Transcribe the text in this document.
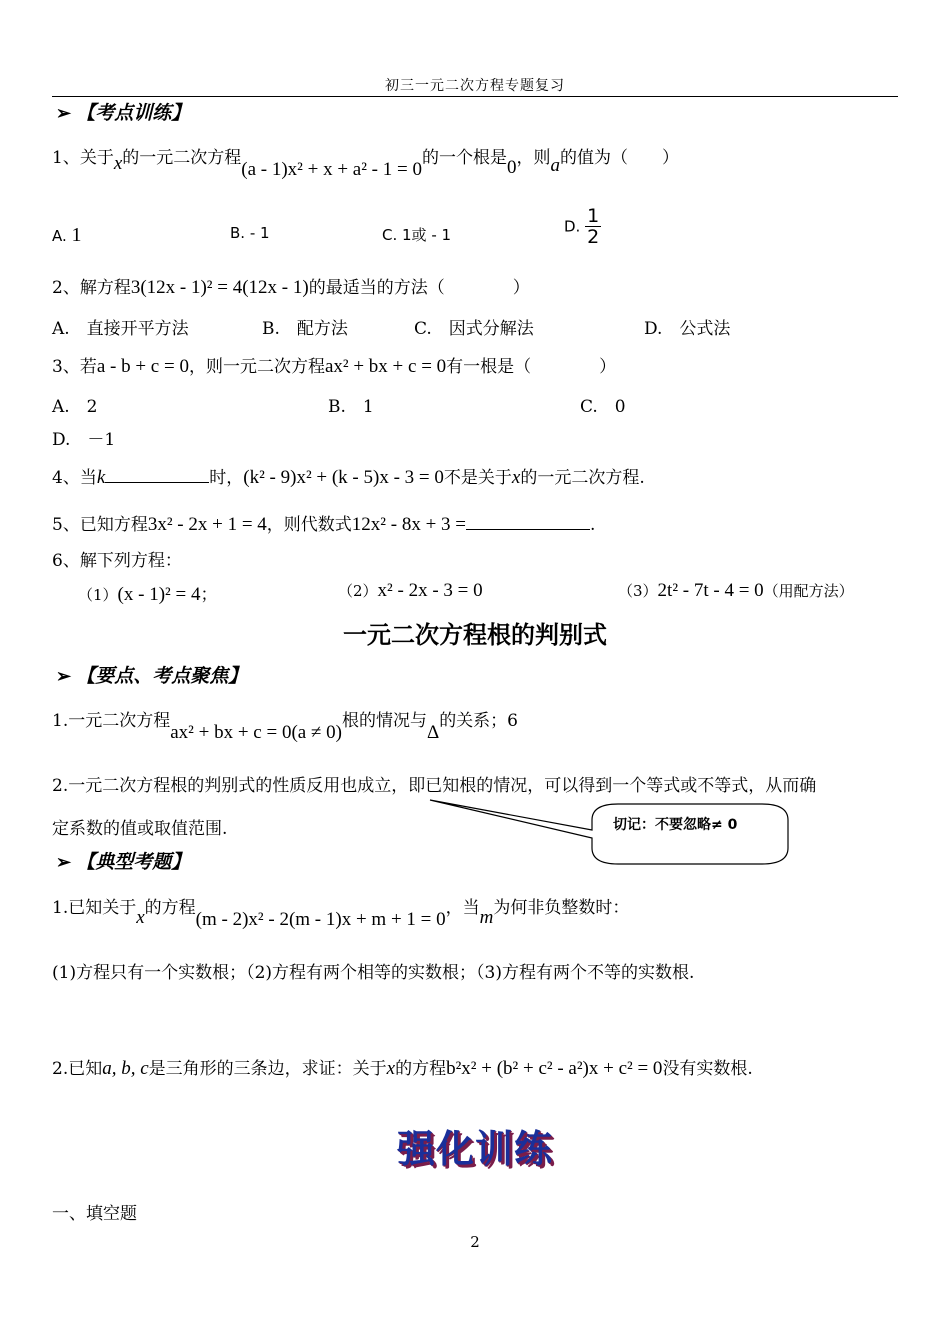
初三一元二次方程专题复习
➢ 【考点训练】
1、关于x的一元二次方程(a - 1)x² + x + a² - 1 = 0的一个根是0，则a的值为（　　）
A. 1	B. - 1	C. 1或 - 1	D. $\frac{1}{2}$
2、解方程3(12x - 1)² = 4(12x - 1)的最适当的方法（　　　　）
A.　直接开平方法	B.　配方法	C.　因式分解法	D.　公式法
3、若a - b + c = 0，则一元二次方程ax² + bx + c = 0有一根是（　　　　）
A.　2	B.　1	C.　0
D.　－1
4、当k	时，(k² - 9)x² + (k - 5)x - 3 = 0不是关于x的一元二次方程.
5、已知方程3x² - 2x + 1 = 4，则代数式12x² - 8x + 3 =	.
6、解下列方程：
（1）(x - 1)² = 4；	（2）x² - 2x - 3 = 0	（3）2t² - 7t - 4 = 0（用配方法）
一元二次方程根的判别式
➢ 【要点、考点聚焦】
1.一元二次方程ax² + bx + c = 0(a ≠ 0)根的情况与Δ的关系；6
2.一元二次方程根的判别式的性质反用也成立，即已知根的情况，可以得到一个等式或不等式，从而确
定系数的值或取值范围.	切记：不要忽略≠ 0
➢ 【典型考题】
1.已知关于x的方程(m - 2)x² - 2(m - 1)x + m + 1 = 0，当m为何非负整数时：
(1)方程只有一个实数根；（2)方程有两个相等的实数根；（3)方程有两个不等的实数根.
2.已知a, b, c是三角形的三条边，求证：关于x的方程b²x² + (b² + c² - a²)x + c² = 0没有实数根.
强化训练
一、填空题
2
